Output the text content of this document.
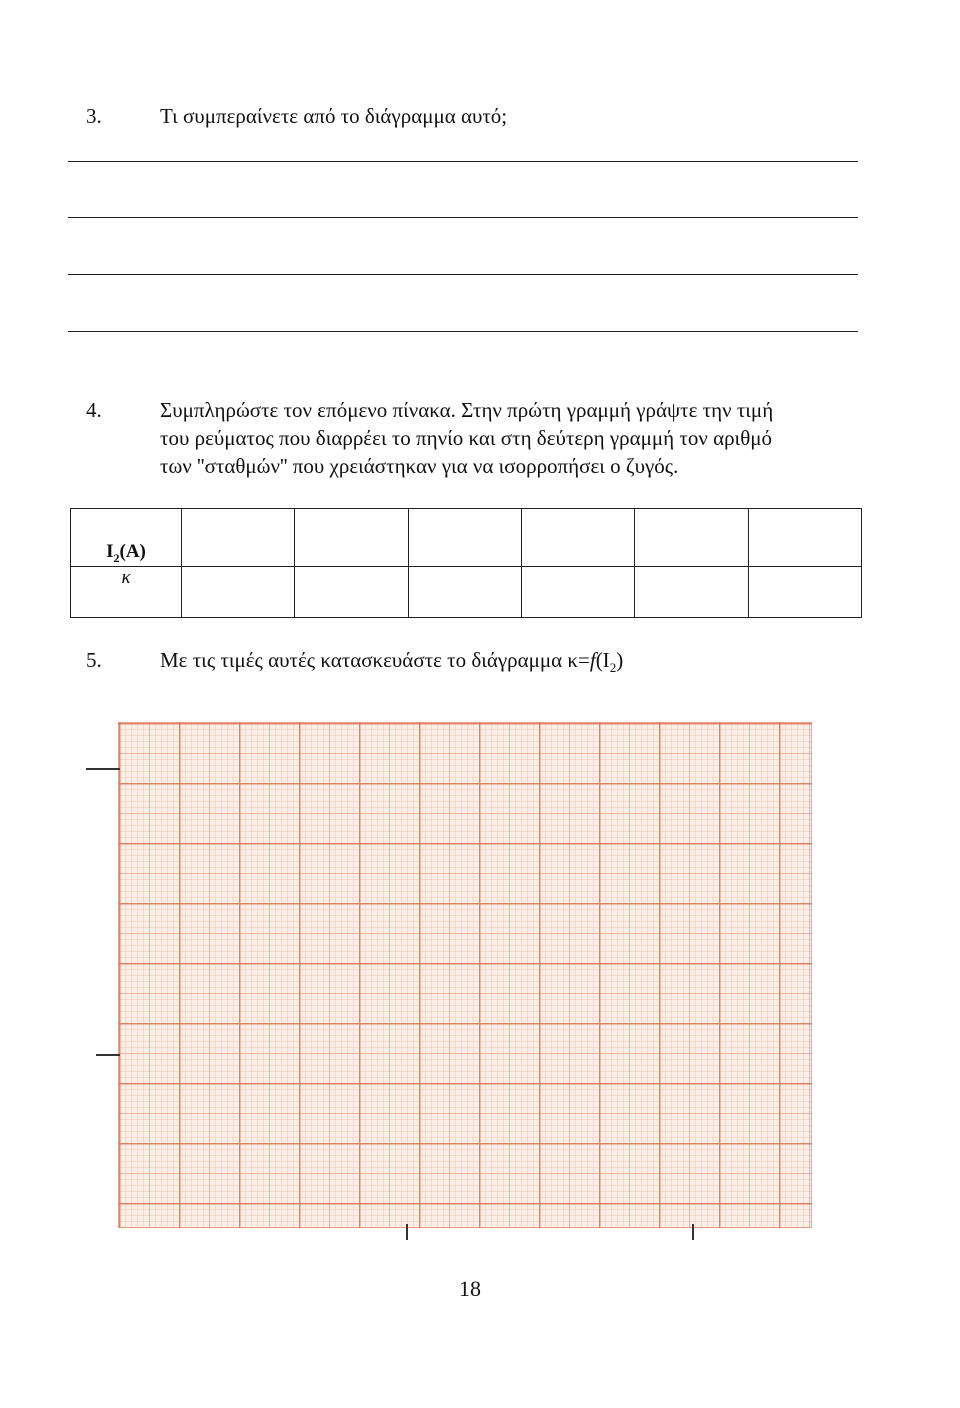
3.	Τι συμπεραίνετε από το διάγραμμα αυτό;
4.	Συμπληρώστε τον επόμενο πίνακα. Στην πρώτη γραμμή γράψτε την τιμή
του ρεύματος που διαρρέει το πηνίο και στη δεύτερη γραμμή τον αριθμό
των ''σταθμών'' που χρειάστηκαν για να ισορροπήσει ο ζυγός.
$I_2(A)$						
κ						
5.	Με τις τιμές αυτές κατασκευάστε το διάγραμμα $\kappa=f(I_2)$
18
